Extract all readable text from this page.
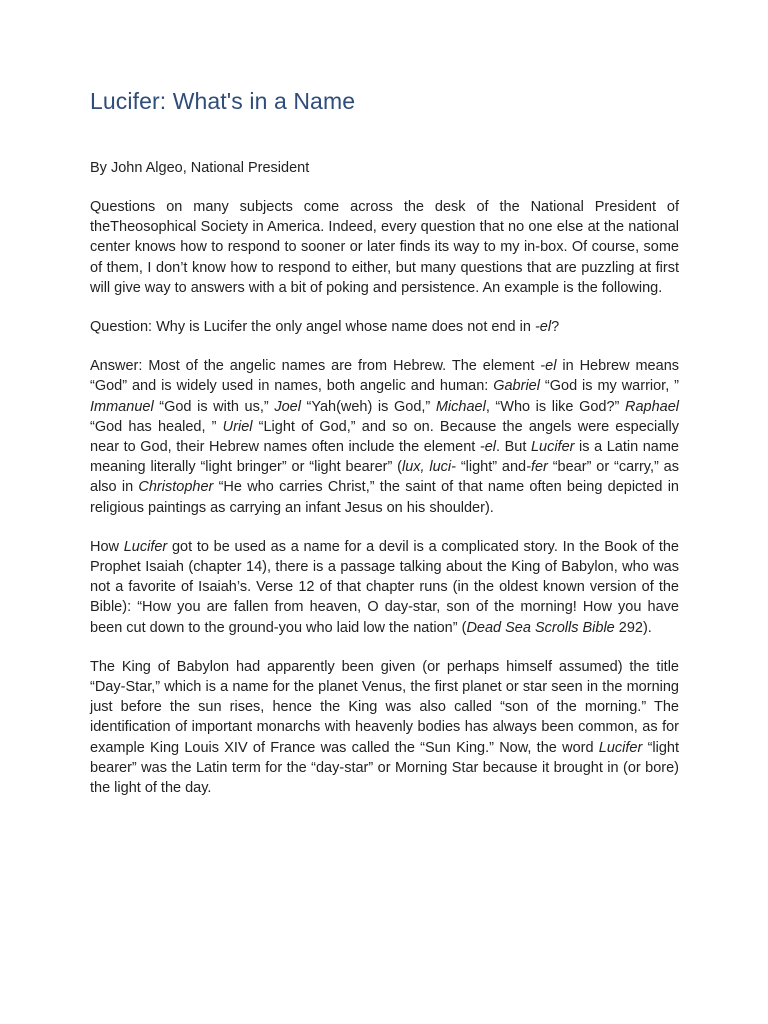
Lucifer: What's in a Name

By John Algeo, National President

Questions on many subjects come across the desk of the National President of theTheosophical Society in America. Indeed, every question that no one else at the national center knows how to respond to sooner or later finds its way to my in-box. Of course, some of them, I don’t know how to respond to either, but many questions that are puzzling at first will give way to answers with a bit of poking and persistence. An example is the following.

Question: Why is Lucifer the only angel whose name does not end in -el?

Answer: Most of the angelic names are from Hebrew. The element -el in Hebrew means “God” and is widely used in names, both angelic and human: Gabriel “God is my warrior, ” Immanuel “God is with us,” Joel “Yah(weh) is God,” Michael, “Who is like God?” Raphael “God has healed, ” Uriel “Light of God,” and so on. Because the angels were especially near to God, their Hebrew names often include the element -el. But Lucifer is a Latin name meaning literally “light bringer” or “light bearer” (lux, luci- “light” and-fer “bear” or “carry,” as also in Christopher “He who carries Christ,” the saint of that name often being depicted in religious paintings as carrying an infant Jesus on his shoulder).

How Lucifer got to be used as a name for a devil is a complicated story. In the Book of the Prophet Isaiah (chapter 14), there is a passage talking about the King of Babylon, who was not a favorite of Isaiah’s. Verse 12 of that chapter runs (in the oldest known version of the Bible): “How you are fallen from heaven, O day-star, son of the morning! How you have been cut down to the ground-you who laid low the nation” (Dead Sea Scrolls Bible 292).

The King of Babylon had apparently been given (or perhaps himself assumed) the title “Day-Star,” which is a name for the planet Venus, the first planet or star seen in the morning just before the sun rises, hence the King was also called “son of the morning.” The identification of important monarchs with heavenly bodies has always been common, as for example King Louis XIV of France was called the “Sun King.” Now, the word Lucifer “light bearer” was the Latin term for the “day-star” or Morning Star because it brought in (or bore) the light of the day.
